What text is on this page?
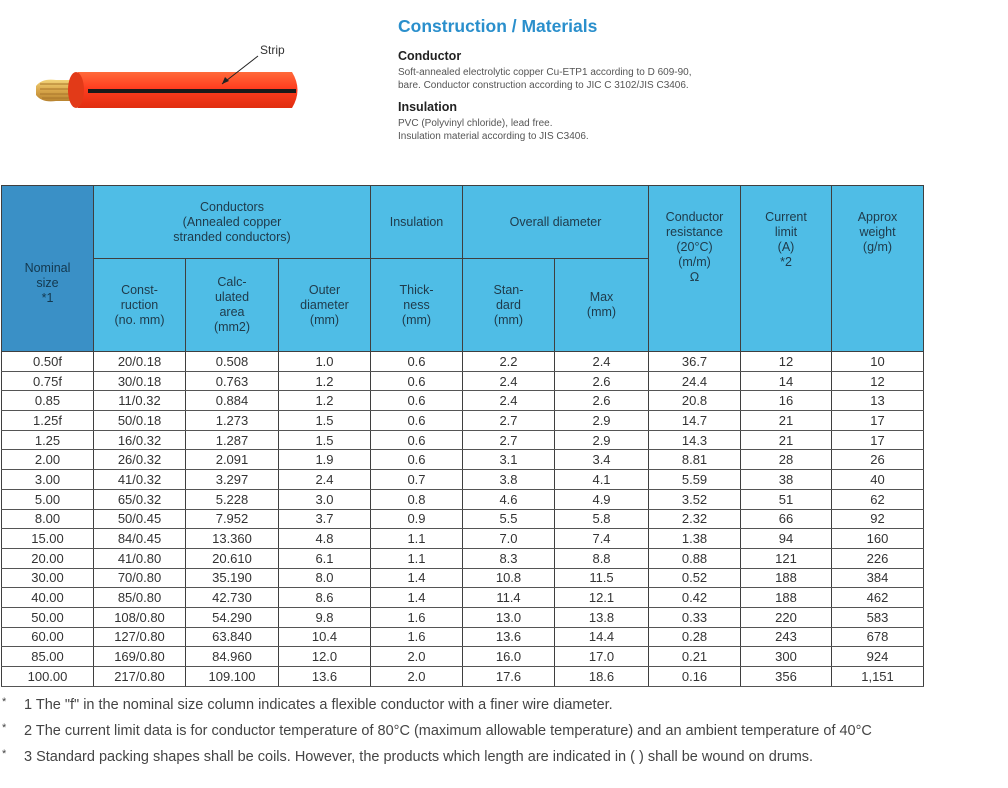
Strip
Construction / Materials
Conductor

Soft-annealed electrolytic copper Cu-ETP1 according to D 609-90,
bare. Conductor construction according to JIC C 3102/JIS C3406.

Insulation

PVC (Polyvinyl chloride), lead free.
Insulation material according to JIS C3406.

Nominal
size
*1	Conductors
(Annealed copper
stranded conductors)			Insulation	Overall diameter		Conductor
resistance
(20°C)
(m/m)
Ω	Current
limit
(A)
*2	Approx
weight
(g/m)
	Const-
ruction
(no. mm)	Calc-
ulated
area
(mm2)	Outer
diameter
(mm)	Thick-
ness
(mm)	Stan-
dard
(mm)	Max
(mm)			
0.50f	20/0.18	0.508	1.0	0.6	2.2	2.4	36.7	12	10
0.75f	30/0.18	0.763	1.2	0.6	2.4	2.6	24.4	14	12
0.85	11/0.32	0.884	1.2	0.6	2.4	2.6	20.8	16	13
1.25f	50/0.18	1.273	1.5	0.6	2.7	2.9	14.7	21	17
1.25	16/0.32	1.287	1.5	0.6	2.7	2.9	14.3	21	17
2.00	26/0.32	2.091	1.9	0.6	3.1	3.4	8.81	28	26
3.00	41/0.32	3.297	2.4	0.7	3.8	4.1	5.59	38	40
5.00	65/0.32	5.228	3.0	0.8	4.6	4.9	3.52	51	62
8.00	50/0.45	7.952	3.7	0.9	5.5	5.8	2.32	66	92
15.00	84/0.45	13.360	4.8	1.1	7.0	7.4	1.38	94	160
20.00	41/0.80	20.610	6.1	1.1	8.3	8.8	0.88	121	226
30.00	70/0.80	35.190	8.0	1.4	10.8	11.5	0.52	188	384
40.00	85/0.80	42.730	8.6	1.4	11.4	12.1	0.42	188	462
50.00	108/0.80	54.290	9.8	1.6	13.0	13.8	0.33	220	583
60.00	127/0.80	63.840	10.4	1.6	13.6	14.4	0.28	243	678
85.00	169/0.80	84.960	12.0	2.0	16.0	17.0	0.21	300	924
100.00	217/0.80	109.100	13.6	2.0	17.6	18.6	0.16	356	1,151
* 1 The "f" in the nominal size column indicates a flexible conductor with a finer wire diameter.
* 2 The current limit data is for conductor temperature of 80°C (maximum allowable temperature) and an ambient temperature of 40°C
* 3 Standard packing shapes shall be coils. However, the products which length are indicated in ( ) shall be wound on drums.
